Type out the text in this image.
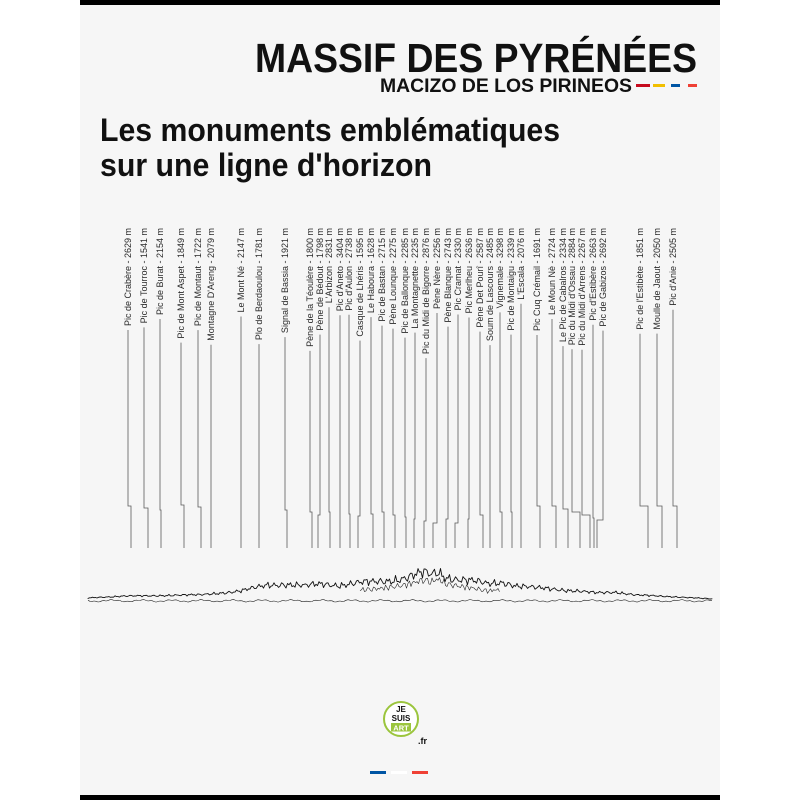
MASSIF DES PYRÉNÉES
MACIZO DE LOS PIRINEOS
Les monuments emblématiques
sur une ligne d'horizon
Pic de Crabère - 2629 m Pic de Tourroc - 1541 m Pic de Burat - 2154 m Pic de Mont Aspet - 1849 m Pic de Montaut - 1722 m Montagne D'Areng - 2079 m Le Mont Né - 2147 m Plo de Berdaoulou - 1781 m Signal de Bassia - 1921 m Pène de la Téoulère - 1800 m Pène de Bédout - 1798 m L'Arbizon - 2831 m Pic d'Aneto - 3404 m Pic d'Aulon - 2738 m Casque de Lhéris - 1595 m Le Haboura - 1628 m Pic de Bastan - 2715 m Pène Lounque - 2275 m Pic de Ballonque - 2285 m La Montagnette - 2235 m Pic du Midi de Bigorre - 2876 m Pène Nère - 2256 m Pène Blanque - 2743 m Pic Cramat - 2330 m Pic Merlheu - 2636 m Pène Det Pourî - 2587 m Soum de Lascours - 2485 m Vignemale - 3298 m Pic de Montaigu - 2339 m L'Escala - 2076 m Pic Cuq Crémail - 1691 m Le Moun Nè - 2724 m Le Pic de Cabalros - 2334 m Pic du Midi d'Ossau - 2884 m Pic du Midi d'Arrens - 2267 m Pic d'Estibère - 2663 m Pic de Gabizos - 2692 m	Pic de l'Estibète - 1851 m Moulle de Jaout - 2050 m Pic d'Anie - 2505 m
JE
SUIS
ART
.fr
